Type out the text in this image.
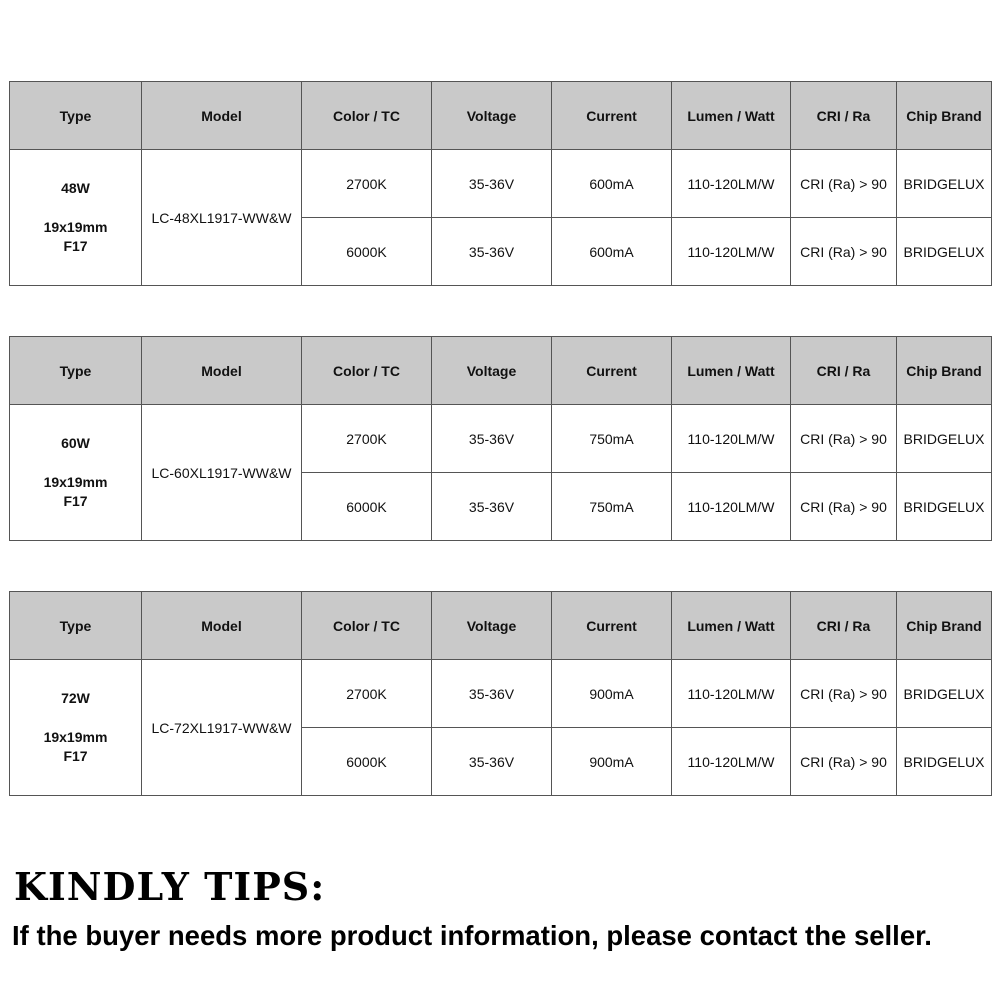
Type	Model	Color / TC	Voltage	Current	Lumen / Watt	CRI / Ra	Chip Brand

48W
19x19mm
F17	LC-48XL1917-WW&W	2700K	35-36V	600mA	110-120LM/W	CRI (Ra) > 90	BRIDGELUX
		6000K	35-36V	600mA	110-120LM/W	CRI (Ra) > 90	BRIDGELUX
Type	Model	Color / TC	Voltage	Current	Lumen / Watt	CRI / Ra	Chip Brand

60W
19x19mm
F17	LC-60XL1917-WW&W	2700K	35-36V	750mA	110-120LM/W	CRI (Ra) > 90	BRIDGELUX
		6000K	35-36V	750mA	110-120LM/W	CRI (Ra) > 90	BRIDGELUX
Type	Model	Color / TC	Voltage	Current	Lumen / Watt	CRI / Ra	Chip Brand

72W
19x19mm
F17	LC-72XL1917-WW&W	2700K	35-36V	900mA	110-120LM/W	CRI (Ra) > 90	BRIDGELUX
		6000K	35-36V	900mA	110-120LM/W	CRI (Ra) > 90	BRIDGELUX
KINDLY TIPS:

If the buyer needs more product information, please contact the seller.
